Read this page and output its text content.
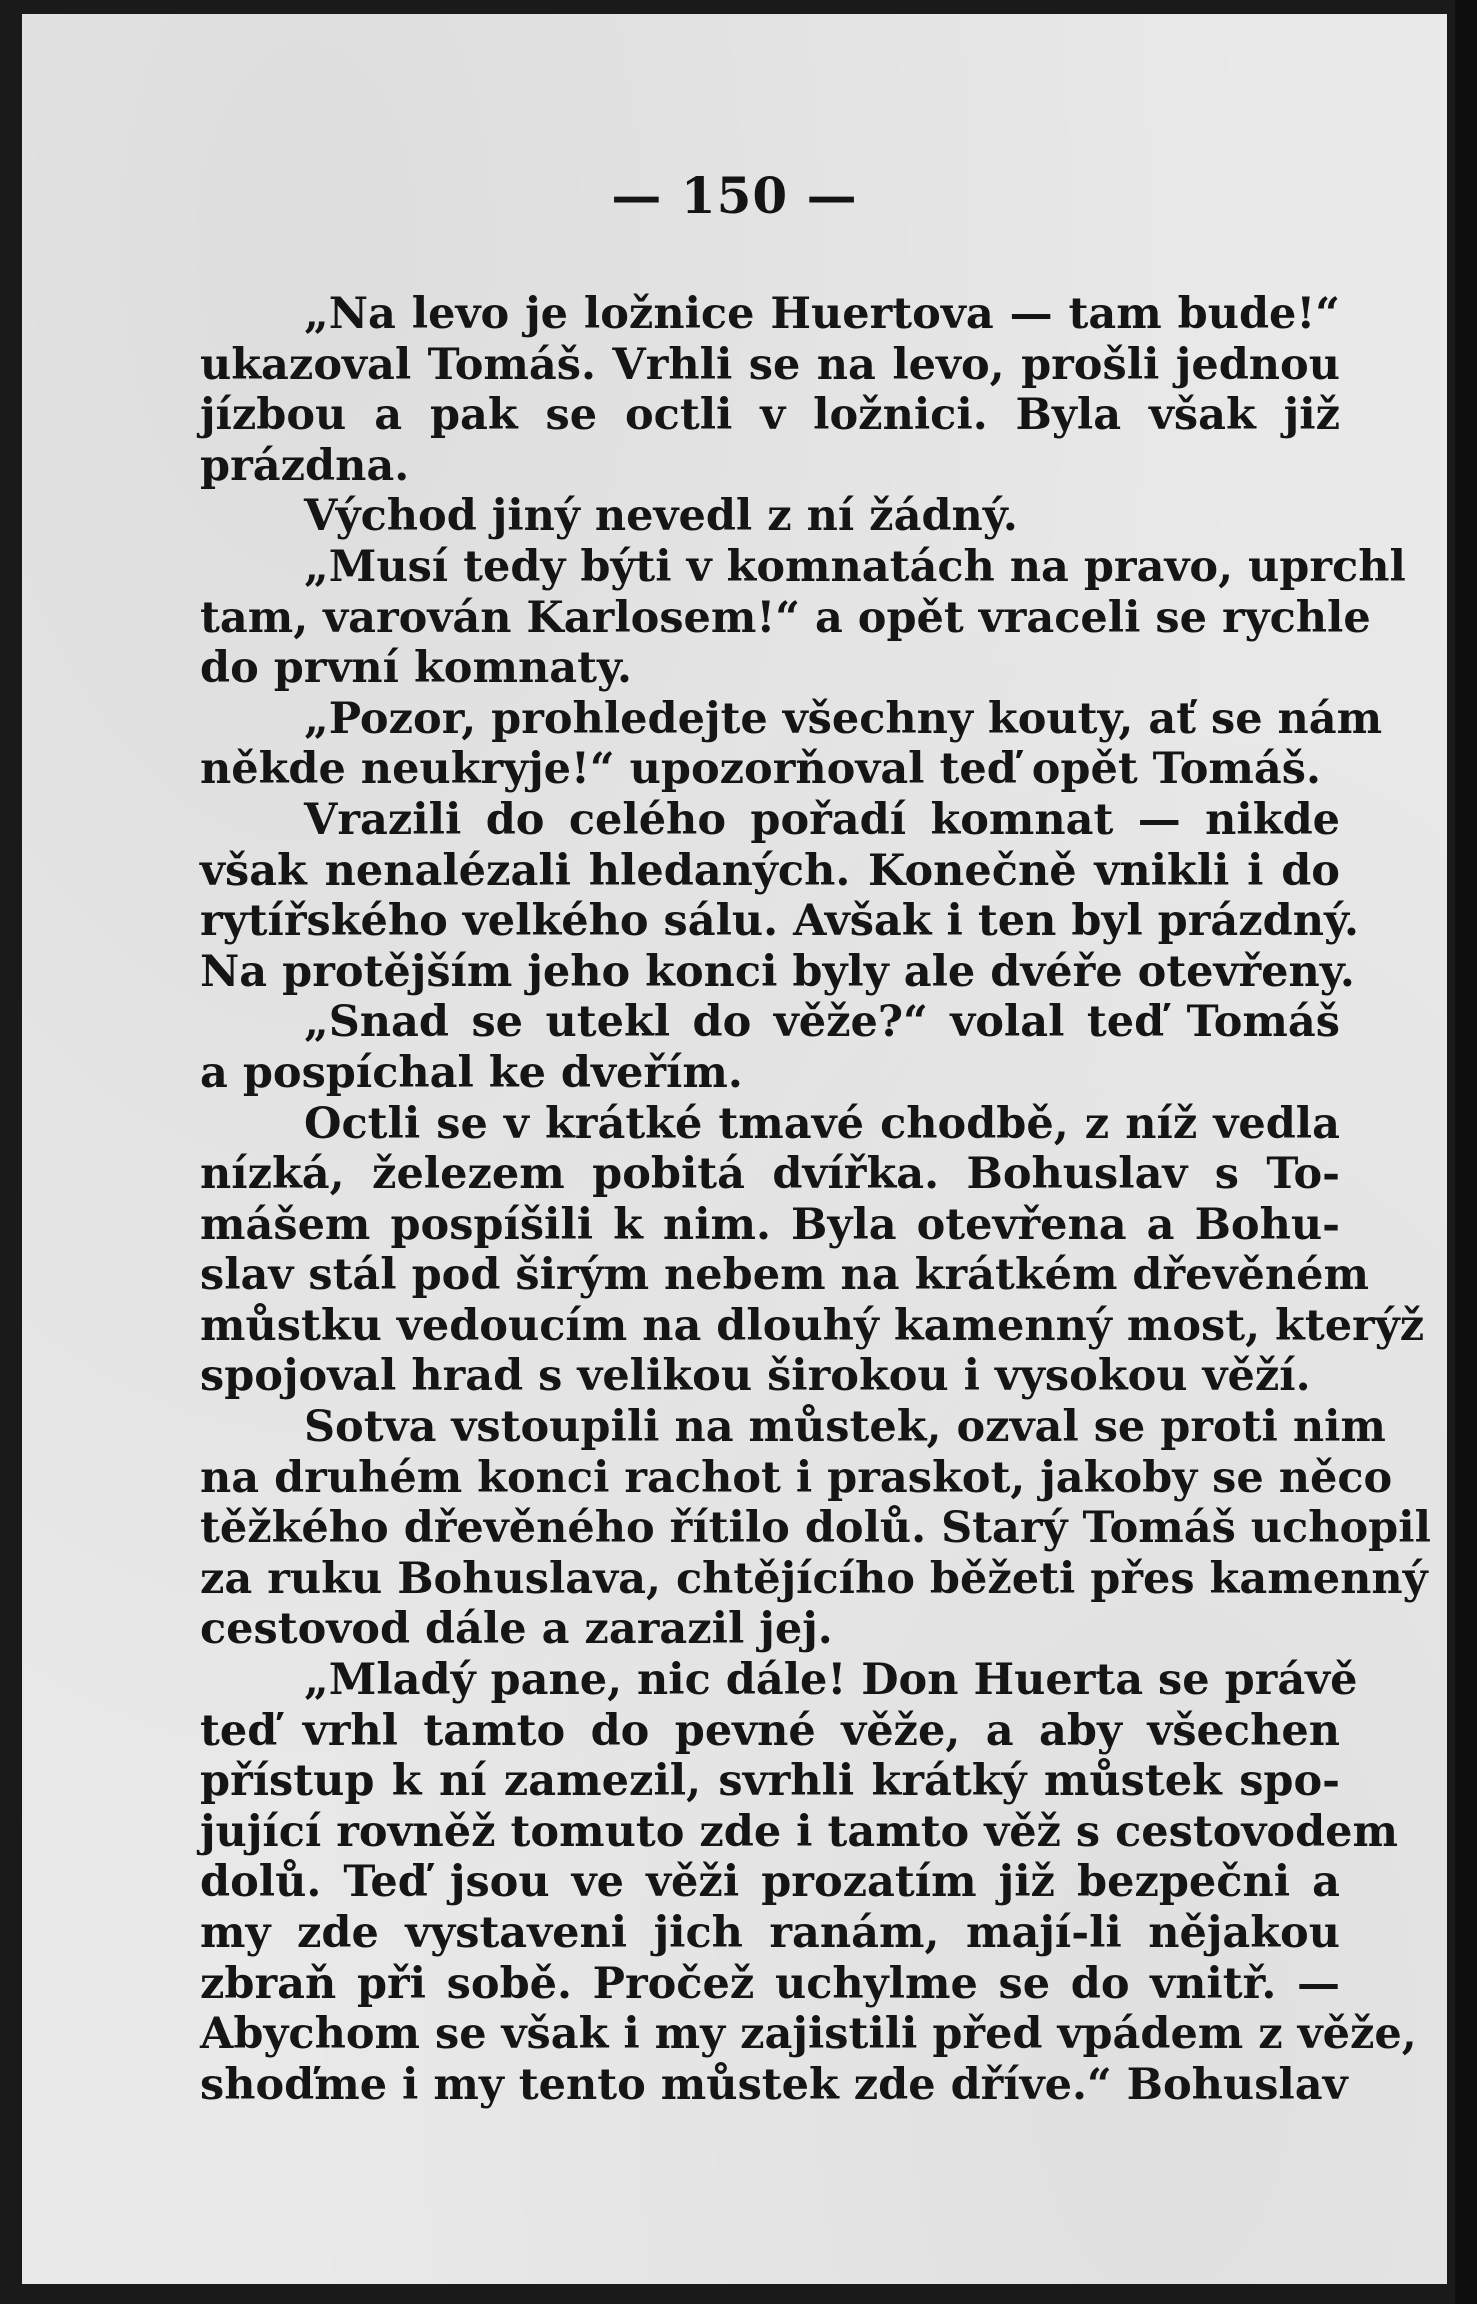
— 150 —
„Na levo je ložnice Huertova — tam bude!“
ukazoval Tomáš. Vrhli se na levo, prošli jednou
jízbou a pak se octli v ložnici. Byla však již
prázdna.
Východ jiný nevedl z ní žádný.
„Musí tedy býti v komnatách na pravo, uprchl
tam, varován Karlosem!“ a opět vraceli se rychle
do první komnaty.
„Pozor, prohledejte všechny kouty, ať se nám
někde neukryje!“ upozorňoval teď opět Tomáš.
Vrazili do celého pořadí komnat — nikde
však nenalézali hledaných. Konečně vnikli i do
rytířského velkého sálu. Avšak i ten byl prázdný.
Na protějším jeho konci byly ale dvéře otevřeny.
„Snad se utekl do věže?“ volal teď Tomáš
a pospíchal ke dveřím.
Octli se v krátké tmavé chodbě, z níž vedla
nízká, železem pobitá dvířka. Bohuslav s To-
mášem pospíšili k nim. Byla otevřena a Bohu-
slav stál pod širým nebem na krátkém dřevěném
můstku vedoucím na dlouhý kamenný most, kterýž
spojoval hrad s velikou širokou i vysokou věží.
Sotva vstoupili na můstek, ozval se proti nim
na druhém konci rachot i praskot, jakoby se něco
těžkého dřevěného řítilo dolů. Starý Tomáš uchopil
za ruku Bohuslava, chtějícího běžeti přes kamenný
cestovod dále a zarazil jej.
„Mladý pane, nic dále! Don Huerta se právě
teď vrhl tamto do pevné věže, a aby všechen
přístup k ní zamezil, svrhli krátký můstek spo-
jující rovněž tomuto zde i tamto věž s cestovodem
dolů. Teď jsou ve věži prozatím již bezpečni a
my zde vystaveni jich ranám, mají-li nějakou
zbraň při sobě. Pročež uchylme se do vnitř. —
Abychom se však i my zajistili před vpádem z věže,
shoďme i my tento můstek zde dříve.“ Bohuslav
